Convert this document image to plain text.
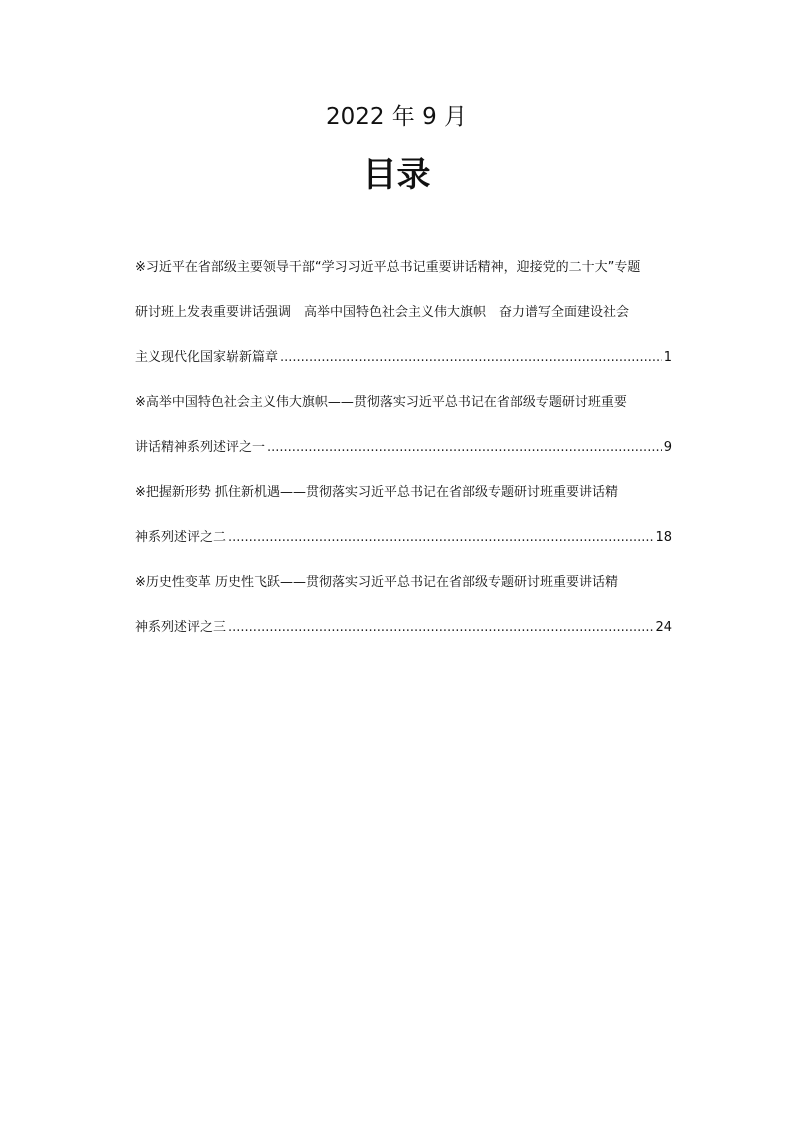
2022 年 9 月
目录
※习近平在省部级主要领导干部“学习习近平总书记重要讲话精神，迎接党的二十大”专题
研讨班上发表重要讲话强调　高举中国特色社会主义伟大旗帜　奋力谱写全面建设社会
主义现代化国家崭新篇章 .....	1
※高举中国特色社会主义伟大旗帜——贯彻落实习近平总书记在省部级专题研讨班重要
讲话精神系列述评之一 .....	9
※把握新形势 抓住新机遇——贯彻落实习近平总书记在省部级专题研讨班重要讲话精
神系列述评之二 .....	18
※历史性变革 历史性飞跃——贯彻落实习近平总书记在省部级专题研讨班重要讲话精
神系列述评之三 .....	24
